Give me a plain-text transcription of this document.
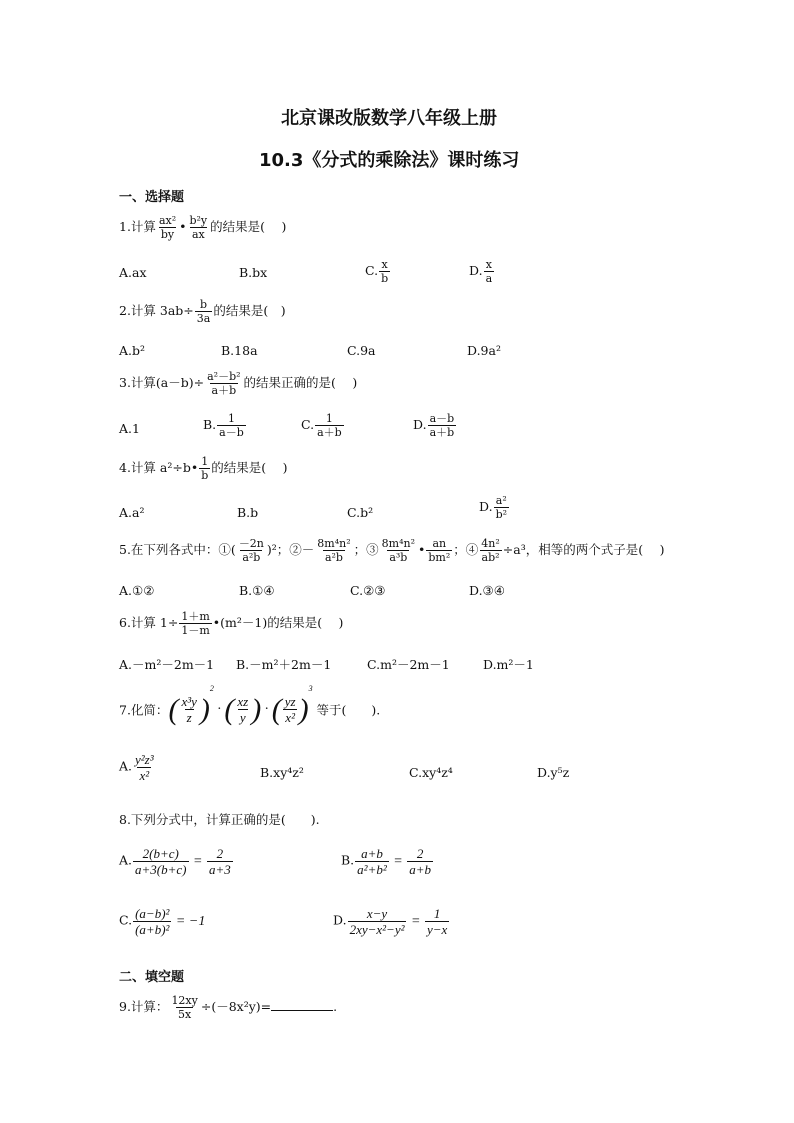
北京课改版数学八年级上册
10.3《分式的乘除法》课时练习
一、选择题
1.计算 $\frac{\text{ax²}}{by}$ • $\frac{\text{b²y}}{ax}$ 的结果是(　 )
A.ax	B.bx	C. $\frac{x}{b}$	D. $\frac{x}{a}$
2.计算 $3ab\div \frac{b}{3a}$ 的结果是(　)
A.b²	B.18a	C.9a	D.9a²
3.计算$(a-b)\div \frac{\text{a²－b²}}{a+b}$ 的结果正确的是(　 )
A.1	B. $\frac{1}{a-b}$	C. $\frac{1}{a+b}$	D. $\frac{a-b}{a+b}$
4.计算 a²÷b• $\frac{1}{b}$ 的结果是(　 )
A.a²	B.b	C.b²	D. $\frac{\text{a²}}{\text{b²}}$
5.在下列各式中：①( $\frac{-2n}{\text{a²b}} )^2$；②－ $\frac{\text{8m⁴n²}}{\text{a²b}}$ ；③ $\frac{\text{8m⁴n²}}{\text{a³b}}$ • $\frac{an}{\text{bm²}}$ ；④ $\frac{\text{4n²}}{\text{ab²}} \div a^3$，相等的两个式子是(　 )
A.①②	B.①④	C.②③	D.③④
6.计算 $1\div \frac{1+m}{1-m}$ •(m²－1)的结果是(　 )
A.－m²－2m－1 B.－m²＋2m－1	C.m²－2m－1	D.m²－1
7.化简：( $\frac{\text{x³y}}{z} )^2$ · ( $\frac{xz}{y}$ ) · ( $\frac{yz}{\text{x²}} )^3$ 等于(　　).
A. $\frac{\text{y²z³}}{\text{x²}}$	B.xy⁴z²	C.xy⁴z⁴	D.y⁵z
8.下列分式中，计算正确的是(　　).
A. $\frac{2(b+c)}{a+3(b+c)} = \frac{2}{a+3}$	B. $\frac{a+b}{\text{a²+b²}} = \frac{2}{a+b}$
C. $\frac{\text{(a−b)²}}{\text{(a+b)²}} = -1$	D. $\frac{x-y}{\text{2xy−x²−y²}} = \frac{1}{y-x}$
二、填空题
9.计算： $\frac{12xy}{5x} \div(-8x^2y)=$	.
